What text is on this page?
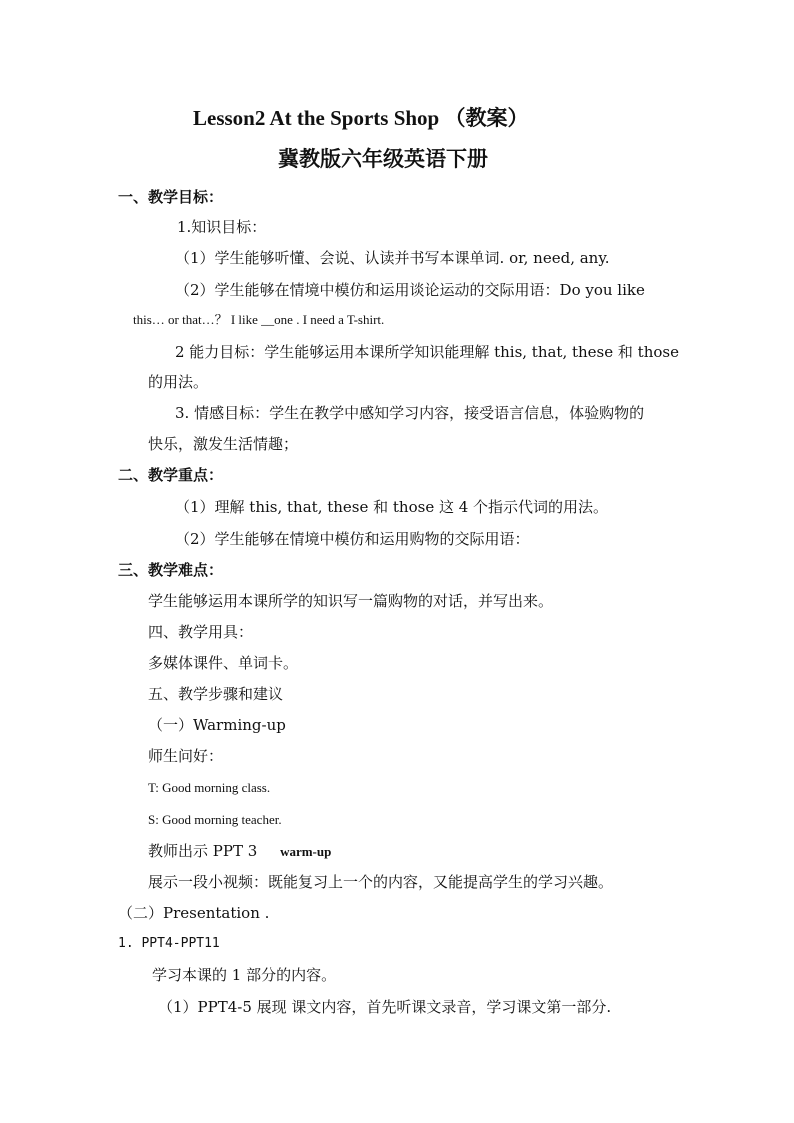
Lesson2 At the Sports Shop （教案）
冀教版六年级英语下册
一、教学目标：
1.知识目标：
（1）学生能够听懂、会说、认读并书写本课单词. or, need, any.
（2）学生能够在情境中模仿和运用谈论运动的交际用语：Do you like
this… or that…？ I like __one . I need a T-shirt.
2 能力目标：学生能够运用本课所学知识能理解 this, that, these 和 those
的用法。
3. 情感目标：学生在教学中感知学习内容，接受语言信息，体验购物的
快乐，激发生活情趣；
二、教学重点：
（1）理解 this, that, these 和 those 这 4 个指示代词的用法。
（2）学生能够在情境中模仿和运用购物的交际用语：
三、教学难点：
学生能够运用本课所学的知识写一篇购物的对话，并写出来。
四、教学用具：
多媒体课件、单词卡。
五、教学步骤和建议
（一）Warming-up
师生问好：
T: Good morning class.
S: Good morning teacher.
教师出示 PPT 3 warm-up
展示一段小视频：既能复习上一个的内容，又能提高学生的学习兴趣。
（二）Presentation .
1. PPT4-PPT11
学习本课的 1 部分的内容。
（1）PPT4-5 展现 课文内容，首先听课文录音，学习课文第一部分.
